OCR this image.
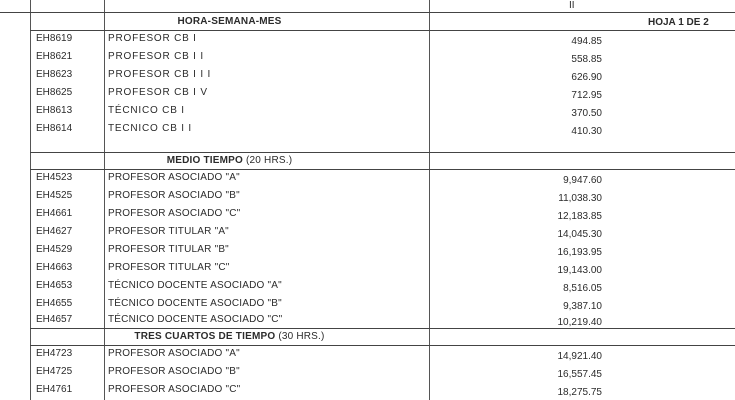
II
HOJA 1 DE 2
HORA-SEMANA-MES
EH8619	PROFESOR CB I	494.85
EH8621	PROFESOR CB I I	558.85
EH8623	PROFESOR CB I I I	626.90
EH8625	PROFESOR CB I V	712.95
EH8613	TÉCNICO CB I	370.50
EH8614	TECNICO CB I I	410.30
MEDIO TIEMPO (20 HRS.)
EH4523	PROFESOR ASOCIADO "A"	9,947.60
EH4525	PROFESOR ASOCIADO "B"	11,038.30
EH4661	PROFESOR ASOCIADO "C"	12,183.85
EH4627	PROFESOR TITULAR "A"	14,045.30
EH4529	PROFESOR TITULAR "B"	16,193.95
EH4663	PROFESOR TITULAR "C"	19,143.00
EH4653	TÉCNICO DOCENTE ASOCIADO "A"	8,516.05
EH4655	TÉCNICO DOCENTE ASOCIADO "B"	9,387.10
EH4657	TÉCNICO DOCENTE ASOCIADO "C"	10,219.40
TRES CUARTOS DE TIEMPO (30 HRS.)
EH4723	PROFESOR ASOCIADO "A"	14,921.40
EH4725	PROFESOR ASOCIADO "B"	16,557.45
EH4761	PROFESOR ASOCIADO "C"	18,275.75
